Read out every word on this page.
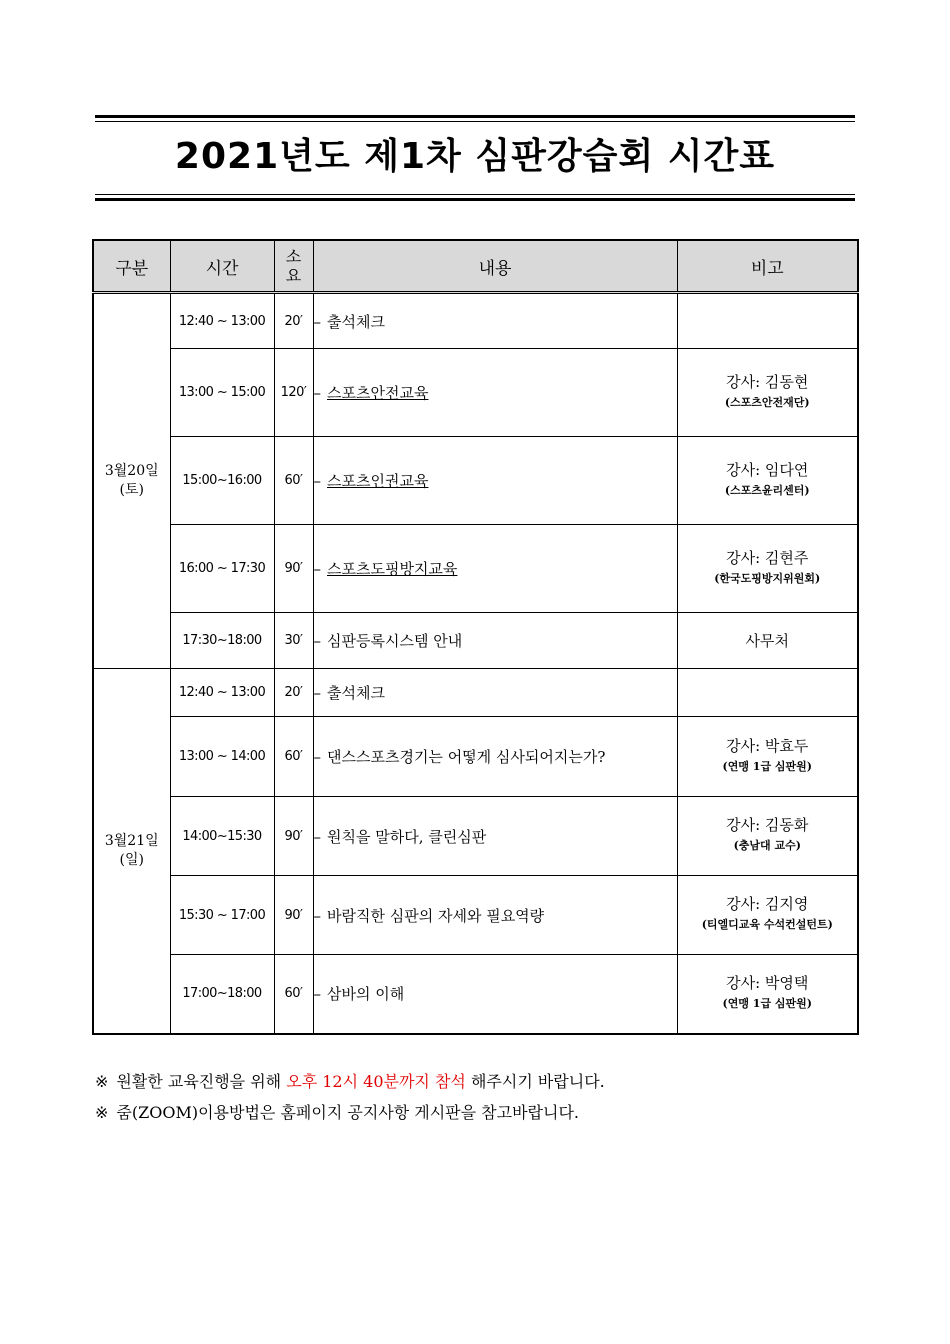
2021년도 제1차 심판강습회 시간표
구분	시간	소
요	내용	비고

3월20일
(토)	12:40 ~ 13:00	20′	– 출석체크	
	13:00 ~ 15:00	120′	– 스포츠안전교육	강사: 김동현
(스포츠안전재단)

	15:00~16:00	60′	– 스포츠인권교육	강사: 임다연
(스포츠윤리센터)

	16:00 ~ 17:30	90′	– 스포츠도핑방지교육	강사: 김현주
(한국도핑방지위원회)

	17:30~18:00	30′	– 심판등록시스템 안내	사무처

3월21일
(일)	12:40 ~ 13:00	20′	– 출석체크	
	13:00 ~ 14:00	60′	– 댄스스포츠경기는 어떻게 심사되어지는가?	강사: 박효두
(연맹 1급 심판원)

	14:00~15:30	90′	– 원칙을 말하다, 클린심판	강사: 김동화
(충남대 교수)

	15:30 ~ 17:00	90′	– 바람직한 심판의 자세와 필요역량	강사: 김지영
(티엘디교육 수석컨설턴트)

	17:00~18:00	60′	– 삼바의 이해	강사: 박영택
(연맹 1급 심판원)
※ 원활한 교육진행을 위해 오후 12시 40분까지 참석 해주시기 바랍니다.
※ 줌(ZOOM)이용방법은 홈페이지 공지사항 게시판을 참고바랍니다.
